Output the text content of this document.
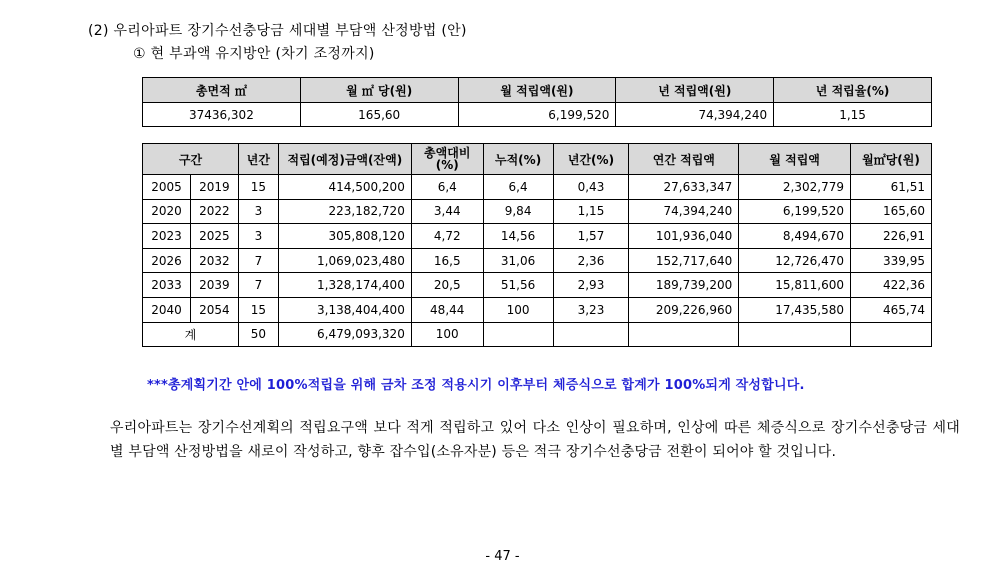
(2) 우리아파트 장기수선충당금 세대별 부담액 산정방법 (안)
① 현 부과액 유지방안 (차기 조정까지)
총면적 ㎡	월 ㎡ 당(원)	월 적립액(원)	년 적립액(원)	년 적립율(%)
37436,302	165,60	6,199,520	74,394,240	1,15
구간		년간	적립(예정)금액(잔액)	총액대비 (%)	누적(%)	년간(%)	연간 적립액	월 적립액	월㎡당(원)
2005	2019	15	414,500,200	6,4	6,4	0,43	27,633,347	2,302,779	61,51
2020	2022	3	223,182,720	3,44	9,84	1,15	74,394,240	6,199,520	165,60
2023	2025	3	305,808,120	4,72	14,56	1,57	101,936,040	8,494,670	226,91
2026	2032	7	1,069,023,480	16,5	31,06	2,36	152,717,640	12,726,470	339,95
2033	2039	7	1,328,174,400	20,5	51,56	2,93	189,739,200	15,811,600	422,36
2040	2054	15	3,138,404,400	48,44	100	3,23	209,226,960	17,435,580	465,74
계		50	6,479,093,320	100					
***총계획기간 안에 100%적립을 위해 금차 조정 적용시기 이후부터 체증식으로 합계가 100%되게 작성합니다.
우리아파트는 장기수선계획의 적립요구액 보다 적게 적립하고 있어 다소 인상이 필요하며, 인상에 따른 체증식으로 장기수선충당금 세대별 부담액 산정방법을 새로이 작성하고, 향후 잡수입(소유자분) 등은 적극 장기수선충당금 전환이 되어야 할 것입니다.
- 47 -
